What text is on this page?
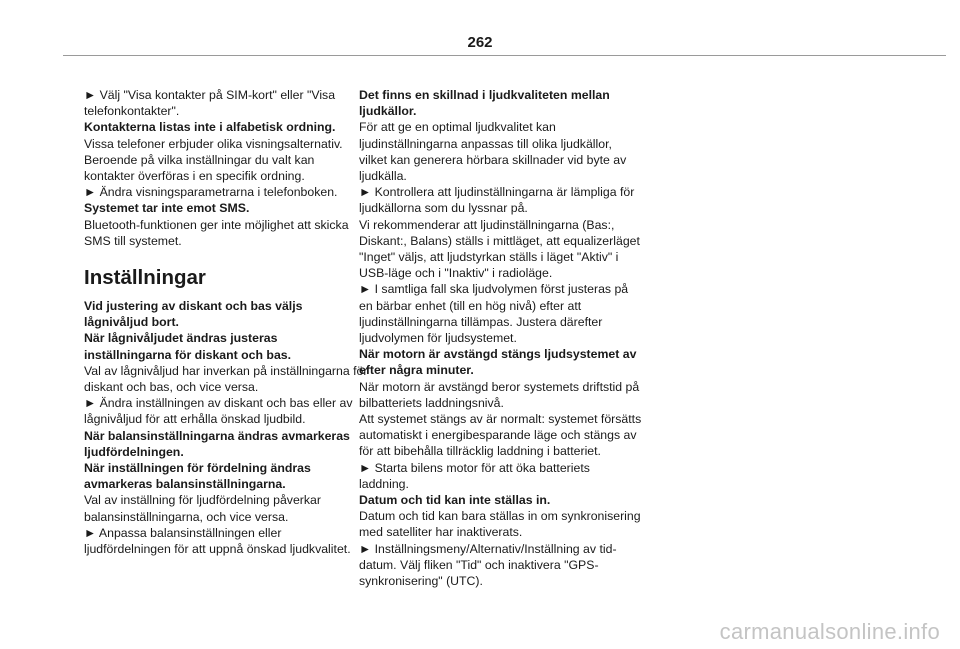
262

► Välj "Visa kontakter på SIM-kort" eller "Visa telefonkontakter".

Kontakterna listas inte i alfabetisk ordning.

Vissa telefoner erbjuder olika visningsalternativ. Beroende på vilka inställningar du valt kan kontakter överföras i en specifik ordning.

► Ändra visningsparametrarna i telefonboken.

Systemet tar inte emot SMS.

Bluetooth-funktionen ger inte möjlighet att skicka SMS till systemet.

Inställningar

Vid justering av diskant och bas väljs lågnivåljud bort.

När lågnivåljudet ändras justeras inställningarna för diskant och bas.

Val av lågnivåljud har inverkan på inställningarna för diskant och bas, och vice versa.

► Ändra inställningen av diskant och bas eller av lågnivåljud för att erhålla önskad ljudbild.

När balansinställningarna ändras avmarkeras ljudfördelningen.

När inställningen för fördelning ändras avmarkeras balansinställningarna.

Val av inställning för ljudfördelning påverkar balansinställningarna, och vice versa.

► Anpassa balansinställningen eller ljudfördelningen för att uppnå önskad ljudkvalitet.

Det finns en skillnad i ljudkvaliteten mellan ljudkällor.

För att ge en optimal ljudkvalitet kan ljudinställningarna anpassas till olika ljudkällor, vilket kan generera hörbara skillnader vid byte av ljudkälla.

► Kontrollera att ljudinställningarna är lämpliga för ljudkällorna som du lyssnar på.

Vi rekommenderar att ljudinställningarna (Bas:, Diskant:, Balans) ställs i mittläget, att equalizerläget "Inget" väljs, att ljudstyrkan ställs i läget "Aktiv" i USB-läge och i "Inaktiv" i radioläge.

► I samtliga fall ska ljudvolymen först justeras på en bärbar enhet (till en hög nivå) efter att ljudinställningarna tillämpas. Justera därefter ljudvolymen för ljudsystemet.

När motorn är avstängd stängs ljudsystemet av efter några minuter.

När motorn är avstängd beror systemets driftstid på bilbatteriets laddningsnivå.

Att systemet stängs av är normalt: systemet försätts automatiskt i energibesparande läge och stängs av för att bibehålla tillräcklig laddning i batteriet.

► Starta bilens motor för att öka batteriets laddning.

Datum och tid kan inte ställas in.

Datum och tid kan bara ställas in om synkronisering med satelliter har inaktiverats.

► Inställningsmeny/Alternativ/Inställning av tid-datum. Välj fliken "Tid" och inaktivera "GPS-synkronisering" (UTC).

carmanualsonline.info
